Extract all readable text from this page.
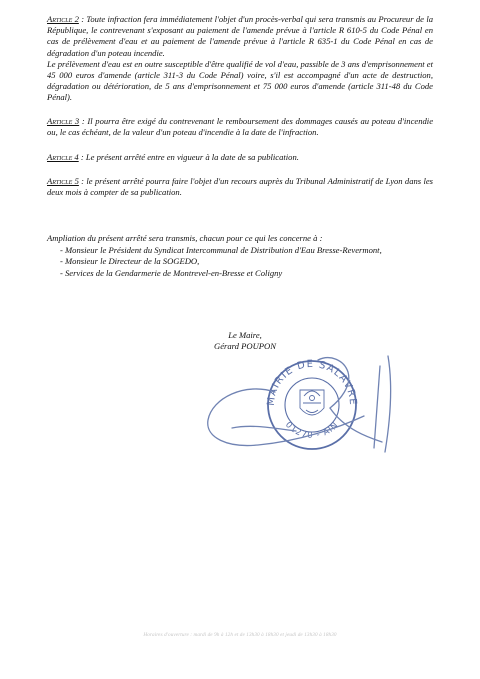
Article 2 : Toute infraction fera immédiatement l'objet d'un procès-verbal qui sera transmis au Procureur de la République, le contrevenant s'exposant au paiement de l'amende prévue à l'article R 610-5 du Code Pénal en cas de prélèvement d'eau et au paiement de l'amende prévue à l'article R 635-1 du Code Pénal en cas de dégradation d'un poteau incendie.

Le prélèvement d'eau est en outre susceptible d'être qualifié de vol d'eau, passible de 3 ans d'emprisonnement et 45 000 euros d'amende (article 311-3 du Code Pénal) voire, s'il est accompagné d'un acte de destruction, dégradation ou détérioration, de 5 ans d'emprisonnement et 75 000 euros d'amende (article 311-48 du Code Pénal).

Article 3 : Il pourra être exigé du contrevenant le remboursement des dommages causés au poteau d'incendie ou, le cas échéant, de la valeur d'un poteau d'incendie à la date de l'infraction.

Article 4 : Le présent arrêté entre en vigueur à la date de sa publication.

Article 5 : le présent arrêté pourra faire l'objet d'un recours auprès du Tribunal Administratif de Lyon dans les deux mois à compter de sa publication.

Ampliation du présent arrêté sera transmis, chacun pour ce qui les concerne à :

- Monsieur le Président du Syndicat Intercommunal de Distribution d'Eau Bresse-Revermont,
- Monsieur le Directeur de la SOGEDO,
- Services de la Gendarmerie de Montrevel-en-Bresse et Coligny
Le Maire,
Gérard POUPON
MAIRIE DE SALAVRE
01270 - AIN
Horaires d'ouverture : mardi de 9h à 12h et de 13h30 à 18h30 et jeudi de 13h30 à 18h30
